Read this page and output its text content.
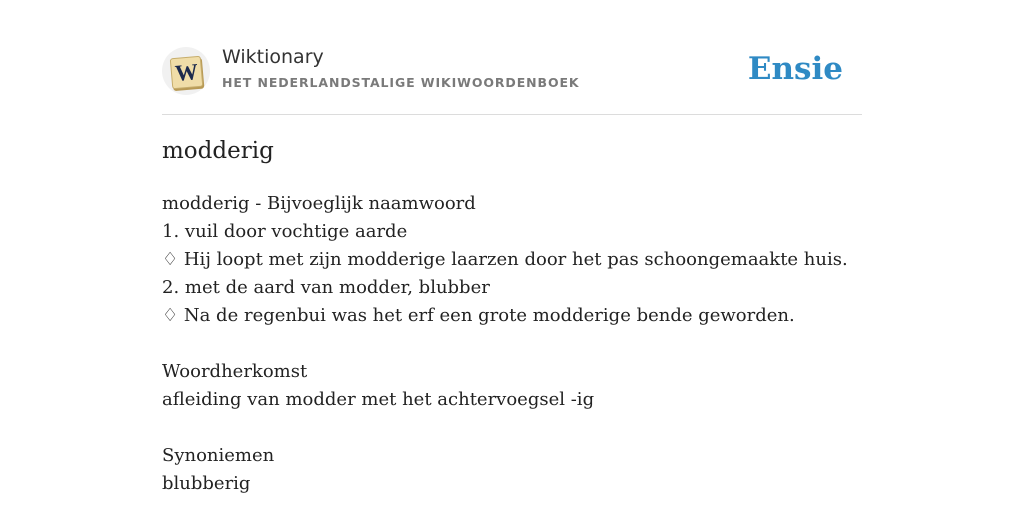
W
Wiktionary
HET NEDERLANDSTALIGE WIKIWOORDENBOEK	Ensie
modderig
modderig - Bijvoeglijk naamwoord
1. vuil door vochtige aarde
♢ Hij loopt met zijn modderige laarzen door het pas schoongemaakte huis.
2. met de aard van modder, blubber
♢ Na de regenbui was het erf een grote modderige bende geworden.
Woordherkomst
afleiding van modder met het achtervoegsel -ig
Synoniemen
blubberig
